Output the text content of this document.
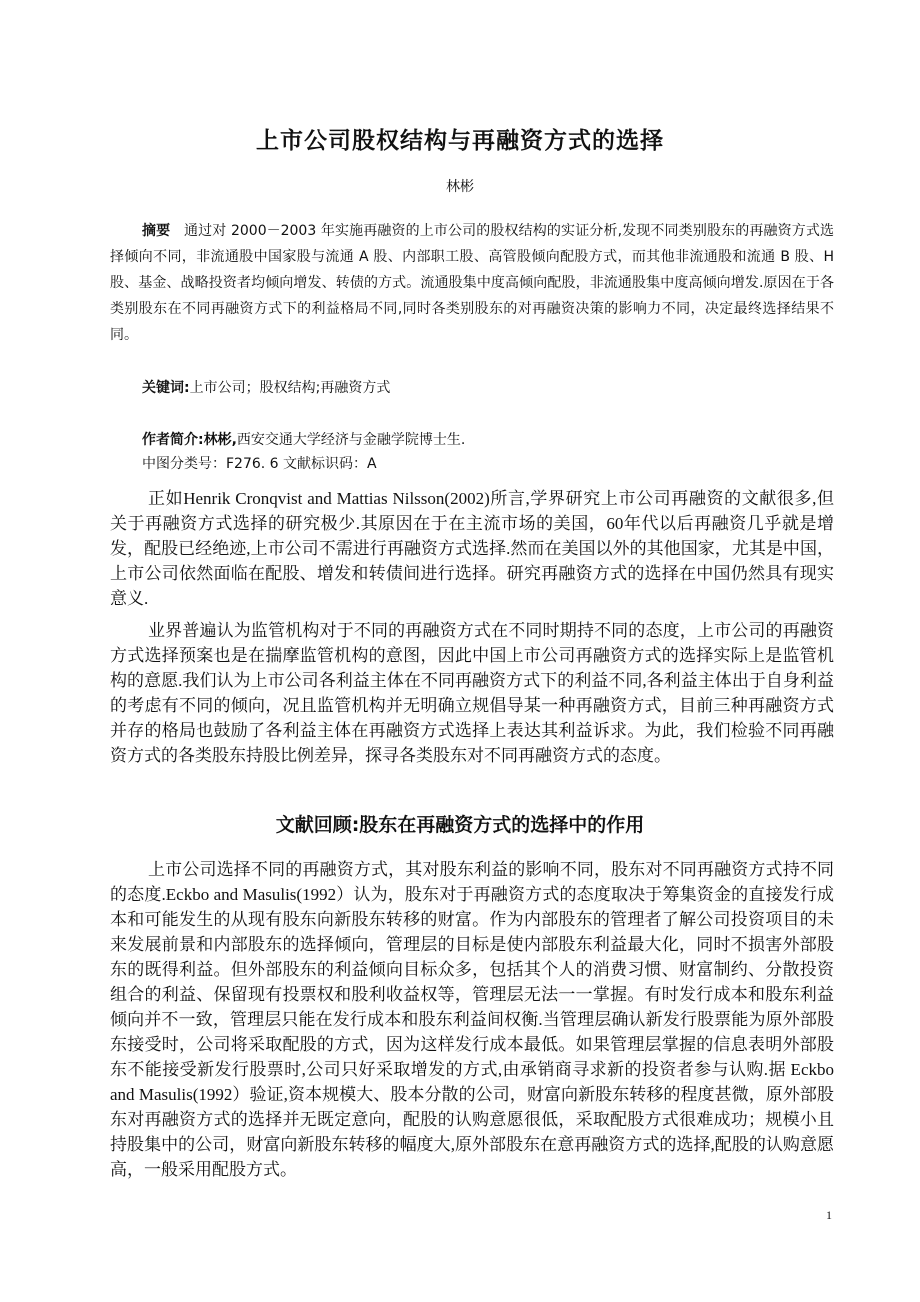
上市公司股权结构与再融资方式的选择
林彬

摘要 通过对 2000－2003 年实施再融资的上市公司的股权结构的实证分析,发现不同类别股东的再融资方式选择倾向不同，非流通股中国家股与流通 A 股、内部职工股、高管股倾向配股方式，而其他非流通股和流通 B 股、H 股、基金、战略投资者均倾向增发、转债的方式。流通股集中度高倾向配股，非流通股集中度高倾向增发.原因在于各类别股东在不同再融资方式下的利益格局不同,同时各类别股东的对再融资决策的影响力不同，决定最终选择结果不同。

关键词:上市公司；股权结构;再融资方式

作者简介:林彬,西安交通大学经济与金融学院博士生.

中图分类号：F276. 6 文献标识码：A

正如Henrik Cronqvist and Mattias Nilsson(2002)所言,学界研究上市公司再融资的文献很多,但关于再融资方式选择的研究极少.其原因在于在主流市场的美国，60年代以后再融资几乎就是增发，配股已经绝迹,上市公司不需进行再融资方式选择.然而在美国以外的其他国家，尤其是中国，上市公司依然面临在配股、增发和转债间进行选择。研究再融资方式的选择在中国仍然具有现实意义.

业界普遍认为监管机构对于不同的再融资方式在不同时期持不同的态度，上市公司的再融资方式选择预案也是在揣摩监管机构的意图，因此中国上市公司再融资方式的选择实际上是监管机构的意愿.我们认为上市公司各利益主体在不同再融资方式下的利益不同,各利益主体出于自身利益的考虑有不同的倾向，况且监管机构并无明确立规倡导某一种再融资方式，目前三种再融资方式并存的格局也鼓励了各利益主体在再融资方式选择上表达其利益诉求。为此，我们检验不同再融资方式的各类股东持股比例差异，探寻各类股东对不同再融资方式的态度。

文献回顾:股东在再融资方式的选择中的作用

上市公司选择不同的再融资方式，其对股东利益的影响不同，股东对不同再融资方式持不同的态度.Eckbo and Masulis(1992）认为，股东对于再融资方式的态度取决于筹集资金的直接发行成本和可能发生的从现有股东向新股东转移的财富。作为内部股东的管理者了解公司投资项目的未来发展前景和内部股东的选择倾向，管理层的目标是使内部股东利益最大化，同时不损害外部股东的既得利益。但外部股东的利益倾向目标众多，包括其个人的消费习惯、财富制约、分散投资组合的利益、保留现有投票权和股利收益权等，管理层无法一一掌握。有时发行成本和股东利益倾向并不一致，管理层只能在发行成本和股东利益间权衡.当管理层确认新发行股票能为原外部股东接受时，公司将采取配股的方式，因为这样发行成本最低。如果管理层掌握的信息表明外部股东不能接受新发行股票时,公司只好采取增发的方式,由承销商寻求新的投资者参与认购.据 Eckbo and Masulis(1992）验证,资本规模大、股本分散的公司，财富向新股东转移的程度甚微，原外部股东对再融资方式的选择并无既定意向，配股的认购意愿很低，采取配股方式很难成功；规模小且持股集中的公司，财富向新股东转移的幅度大,原外部股东在意再融资方式的选择,配股的认购意愿高，一般采用配股方式。

1
